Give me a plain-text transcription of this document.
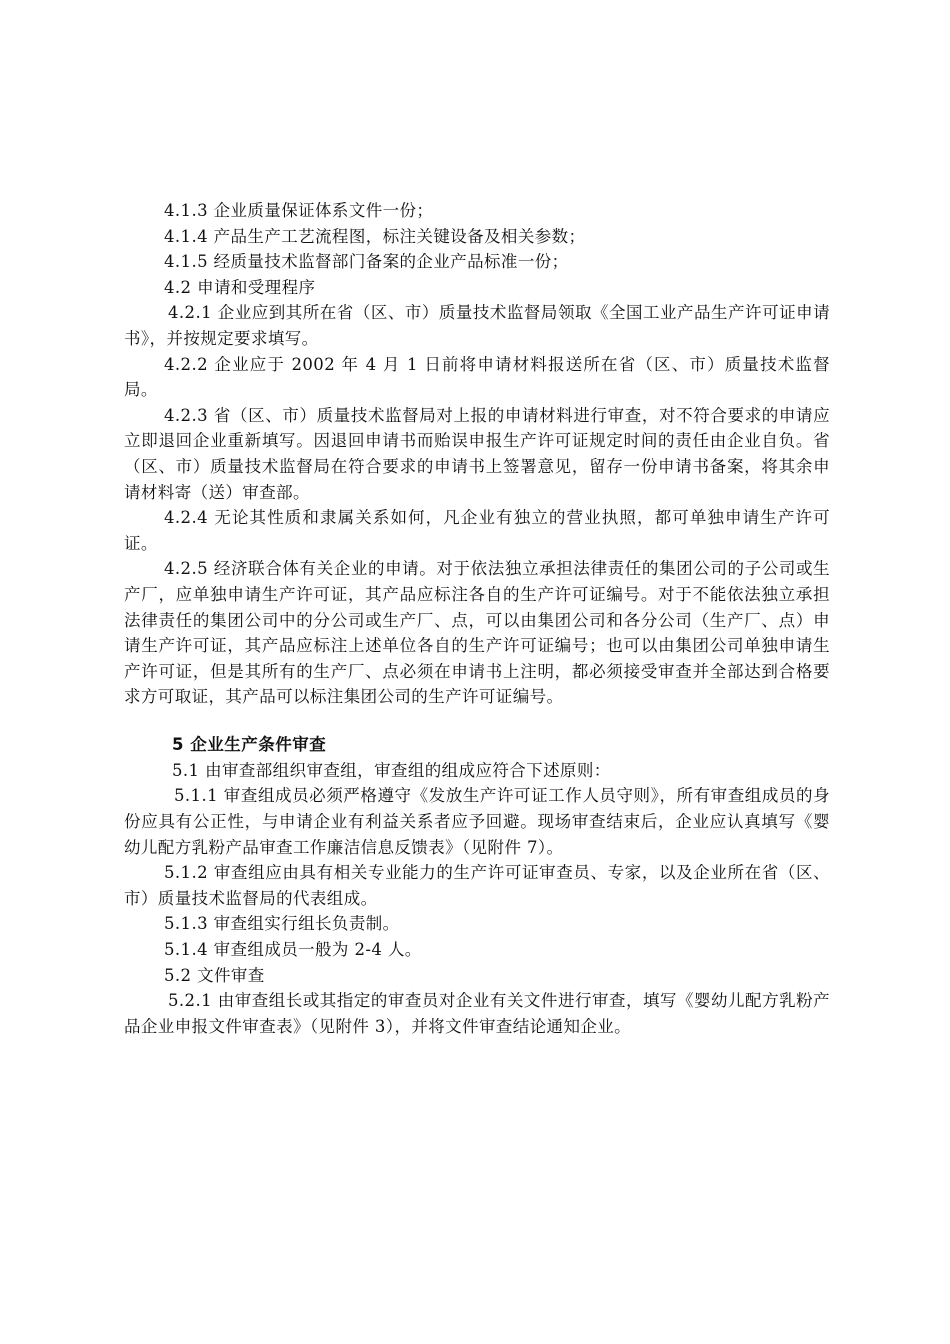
4.1.3 企业质量保证体系文件一份；

4.1.4 产品生产工艺流程图，标注关键设备及相关参数；

4.1.5 经质量技术监督部门备案的企业产品标准一份；

4.2 申请和受理程序

4.2.1 企业应到其所在省（区、市）质量技术监督局领取《全国工业产品生产许可证申请书》，并按规定要求填写。

4.2.2 企业应于 2002 年 4 月 1 日前将申请材料报送所在省（区、市）质量技术监督局。

4.2.3 省（区、市）质量技术监督局对上报的申请材料进行审查，对不符合要求的申请应立即退回企业重新填写。因退回申请书而贻误申报生产许可证规定时间的责任由企业自负。省（区、市）质量技术监督局在符合要求的申请书上签署意见，留存一份申请书备案，将其余申请材料寄（送）审查部。

4.2.4 无论其性质和隶属关系如何，凡企业有独立的营业执照，都可单独申请生产许可证。

4.2.5 经济联合体有关企业的申请。对于依法独立承担法律责任的集团公司的子公司或生产厂，应单独申请生产许可证，其产品应标注各自的生产许可证编号。对于不能依法独立承担法律责任的集团公司中的分公司或生产厂、点，可以由集团公司和各分公司（生产厂、点）申请生产许可证，其产品应标注上述单位各自的生产许可证编号；也可以由集团公司单独申请生产许可证，但是其所有的生产厂、点必须在申请书上注明，都必须接受审查并全部达到合格要求方可取证，其产品可以标注集团公司的生产许可证编号。

5 企业生产条件审查

5.1 由审查部组织审查组，审查组的组成应符合下述原则：

5.1.1 审查组成员必须严格遵守《发放生产许可证工作人员守则》，所有审查组成员的身份应具有公正性，与申请企业有利益关系者应予回避。现场审查结束后，企业应认真填写《婴幼儿配方乳粉产品审查工作廉洁信息反馈表》（见附件 7）。

5.1.2 审查组应由具有相关专业能力的生产许可证审查员、专家，以及企业所在省（区、市）质量技术监督局的代表组成。

5.1.3 审查组实行组长负责制。

5.1.4 审查组成员一般为 2-4 人。

5.2 文件审查

5.2.1 由审查组长或其指定的审查员对企业有关文件进行审查，填写《婴幼儿配方乳粉产品企业申报文件审查表》（见附件 3），并将文件审查结论通知企业。
